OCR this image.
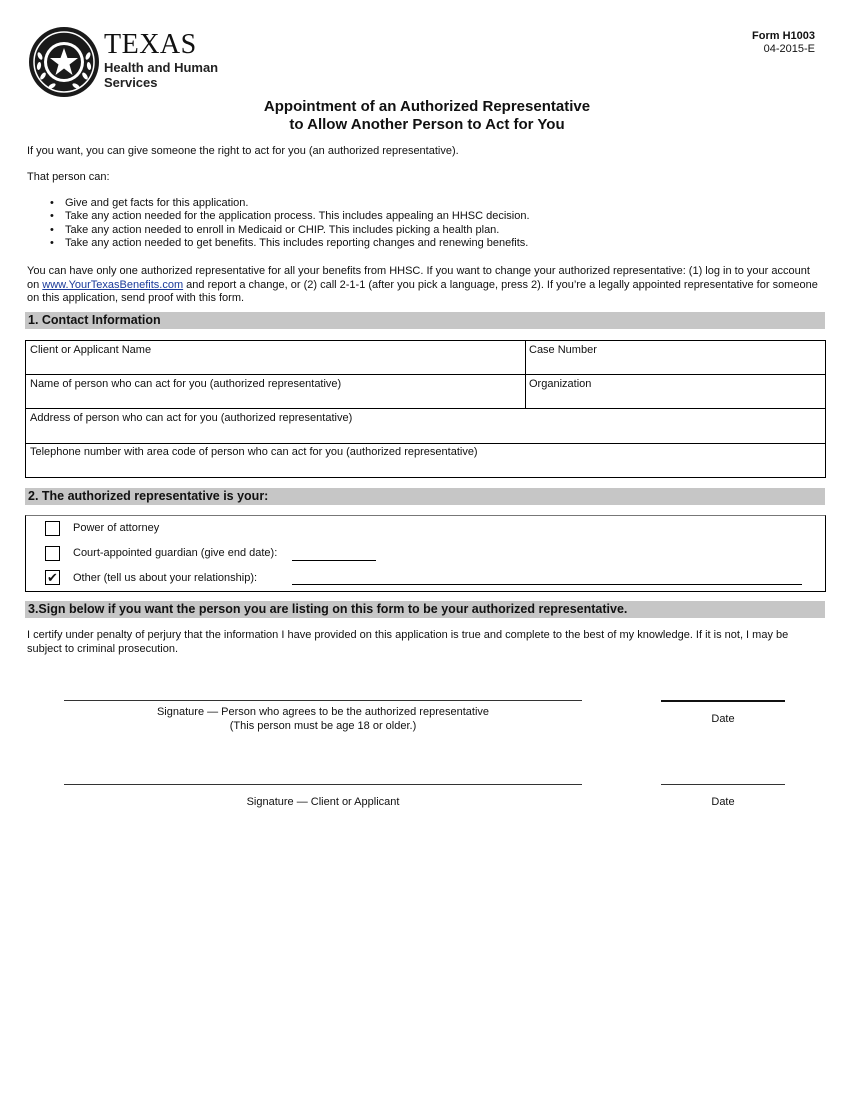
TEXAS
Health and Human
Services
Form H1003
04-2015-E
Appointment of an Authorized Representative
to Allow Another Person to Act for You
If you want, you can give someone the right to act for you (an authorized representative).
That person can:
• Give and get facts for this application.
• Take any action needed for the application process. This includes appealing an HHSC decision.
• Take any action needed to enroll in Medicaid or CHIP. This includes picking a health plan.
• Take any action needed to get benefits. This includes reporting changes and renewing benefits.
You can have only one authorized representative for all your benefits from HHSC. If you want to change your authorized representative: (1) log in to your account on www.YourTexasBenefits.com and report a change, or (2) call 2-1-1 (after you pick a language, press 2). If you’re a legally appointed representative for someone on this application, send proof with this form.
1. Contact Information
Client or Applicant Name	Case Number
Name of person who can act for you (authorized representative)	Organization
Address of person who can act for you (authorized representative)
Telephone number with area code of person who can act for you (authorized representative)
2. The authorized representative is your:
Power of attorney
Court-appointed guardian (give end date):
✔ Other (tell us about your relationship):
3.Sign below if you want the person you are listing on this form to be your authorized representative.
I certify under penalty of perjury that the information I have provided on this application is true and complete to the best of my knowledge. If it is not, I may be subject to criminal prosecution.
Signature — Person who agrees to be the authorized representative
(This person must be age 18 or older.)
Date
Signature — Client or Applicant	Date
